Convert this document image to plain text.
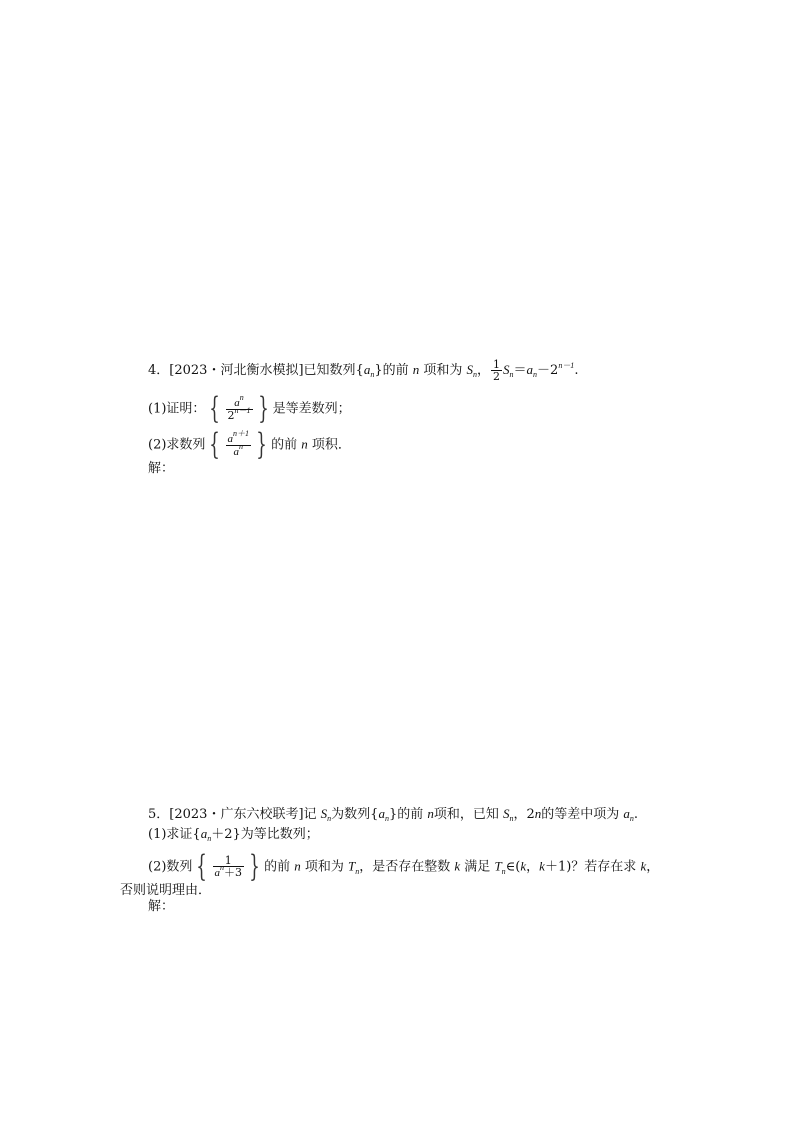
4．[2023・河北衡水模拟]已知数列$\{a_n\}$的前 n 项和为 $S_n$， $\frac{1}{2} S_n=a_n-2^{n-1}$.
(1)证明： { $\frac{a^n}{2^{n-1}}$ } 是等差数列；
(2)求数列 { $\frac{a^{n+1}}{a^n}$ } 的前 n 项积．
解：
5．[2023・广东六校联考]记 $S_n$为数列$\{a_n\}$的前 n项和，已知 $S_n$，2n的等差中项为 $a_n$.
(1)求证$\{a_n+2\}$为等比数列；
(2)数列 { $\frac{1}{a^n+3}$ } 的前 n 项和为 $T_n$，是否存在整数 k 满足 $T_n\in(k$，k＋1)？若存在求 k，
否则说明理由．
解：
